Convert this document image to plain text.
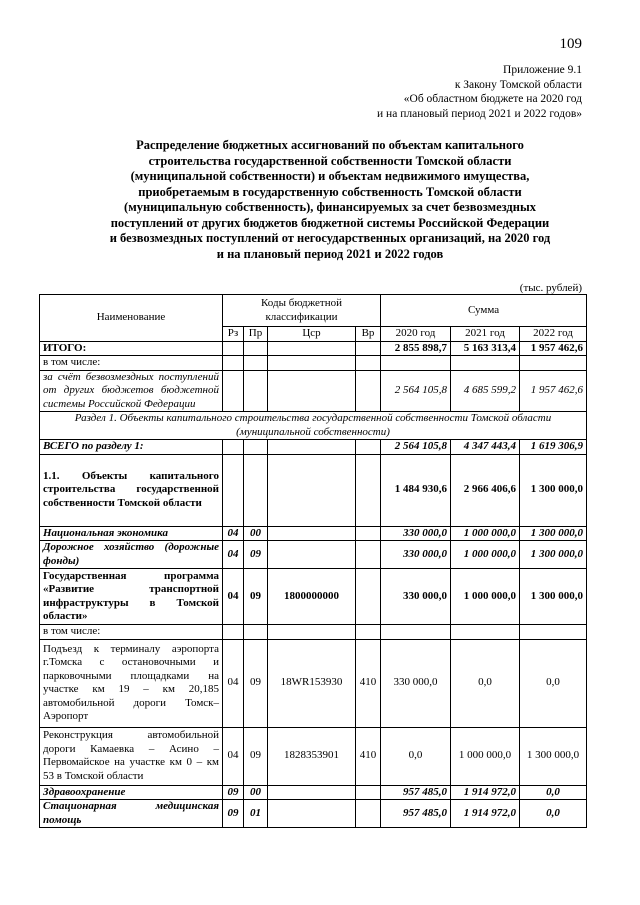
109
Приложение 9.1
к Закону Томской области
«Об областном бюджете на 2020 год
и на плановый период 2021 и 2022 годов»
Распределение бюджетных ассигнований по объектам капитального
строительства государственной собственности Томской области
(муниципальной собственности) и объектам недвижимого имущества,
приобретаемым в государственную собственность Томской области
(муниципальную собственность), финансируемых за счет безвозмездных
поступлений от других бюджетов бюджетной системы Российской Федерации
и безвозмездных поступлений от негосударственных организаций, на 2020 год
и на плановый период 2021 и 2022 годов
(тыс. рублей)
Наименование	Коды бюджетной классификации				Сумма		
	Рз	Пр	Цср	Вр	2020 год	2021 год	2022 год
ИТОГО:					2 855 898,7	5 163 313,4	1 957 462,6
в том числе:							
за счёт безвозмездных поступлений от других бюджетов бюджетной системы Российской Федерации					2 564 105,8	4 685 599,2	1 957 462,6
Раздел 1. Объекты капитального строительства государственной собственности Томской области (муниципальной собственности)							
ВСЕГО по разделу 1:					2 564 105,8	4 347 443,4	1 619 306,9
1.1. Объекты капитального строительства государственной собственности Томской области					1 484 930,6	2 966 406,6	1 300 000,0
Национальная экономика	04	00			330 000,0	1 000 000,0	1 300 000,0
Дорожное хозяйство (дорожные фонды)	04	09			330 000,0	1 000 000,0	1 300 000,0
Государственная программа «Развитие транспортной инфраструктуры в Томской области»	04	09	1800000000		330 000,0	1 000 000,0	1 300 000,0
в том числе:							
Подъезд к терминалу аэропорта г.Томска с остановочными и парковочными площадками на участке км 19 – км 20,185 автомобильной дороги Томск–Аэропорт	04	09	18WR153930	410	330 000,0	0,0	0,0
Реконструкция автомобильной дороги Камаевка – Асино – Первомайское на участке км 0 – км 53 в Томской области	04	09	1828353901	410	0,0	1 000 000,0	1 300 000,0
Здравоохранение	09	00			957 485,0	1 914 972,0	0,0
Стационарная медицинская помощь	09	01			957 485,0	1 914 972,0	0,0
